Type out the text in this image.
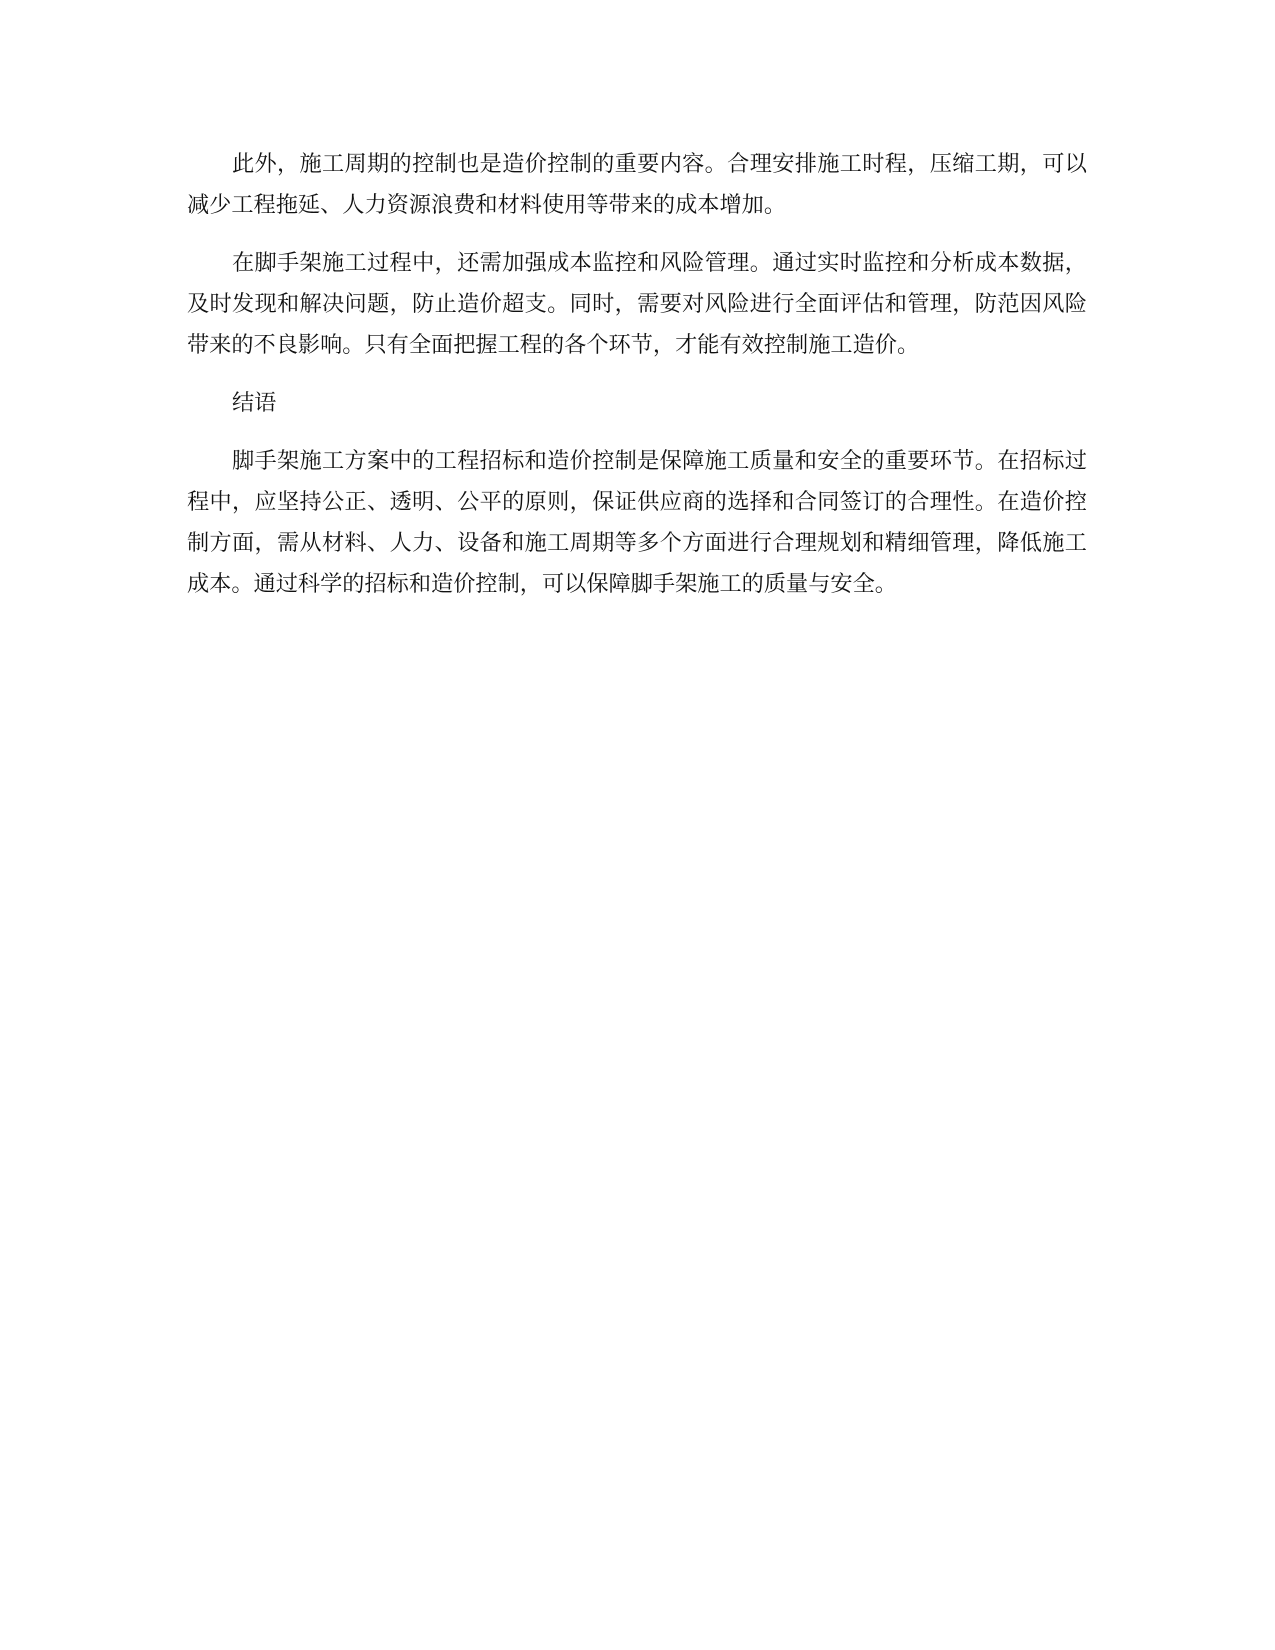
此外，施工周期的控制也是造价控制的重要内容。合理安排施工时程，压缩工期，可以减少工程拖延、人力资源浪费和材料使用等带来的成本增加。

在脚手架施工过程中，还需加强成本监控和风险管理。通过实时监控和分析成本数据，及时发现和解决问题，防止造价超支。同时，需要对风险进行全面评估和管理，防范因风险带来的不良影响。只有全面把握工程的各个环节，才能有效控制施工造价。

结语

脚手架施工方案中的工程招标和造价控制是保障施工质量和安全的重要环节。在招标过程中，应坚持公正、透明、公平的原则，保证供应商的选择和合同签订的合理性。在造价控制方面，需从材料、人力、设备和施工周期等多个方面进行合理规划和精细管理，降低施工成本。通过科学的招标和造价控制，可以保障脚手架施工的质量与安全。
